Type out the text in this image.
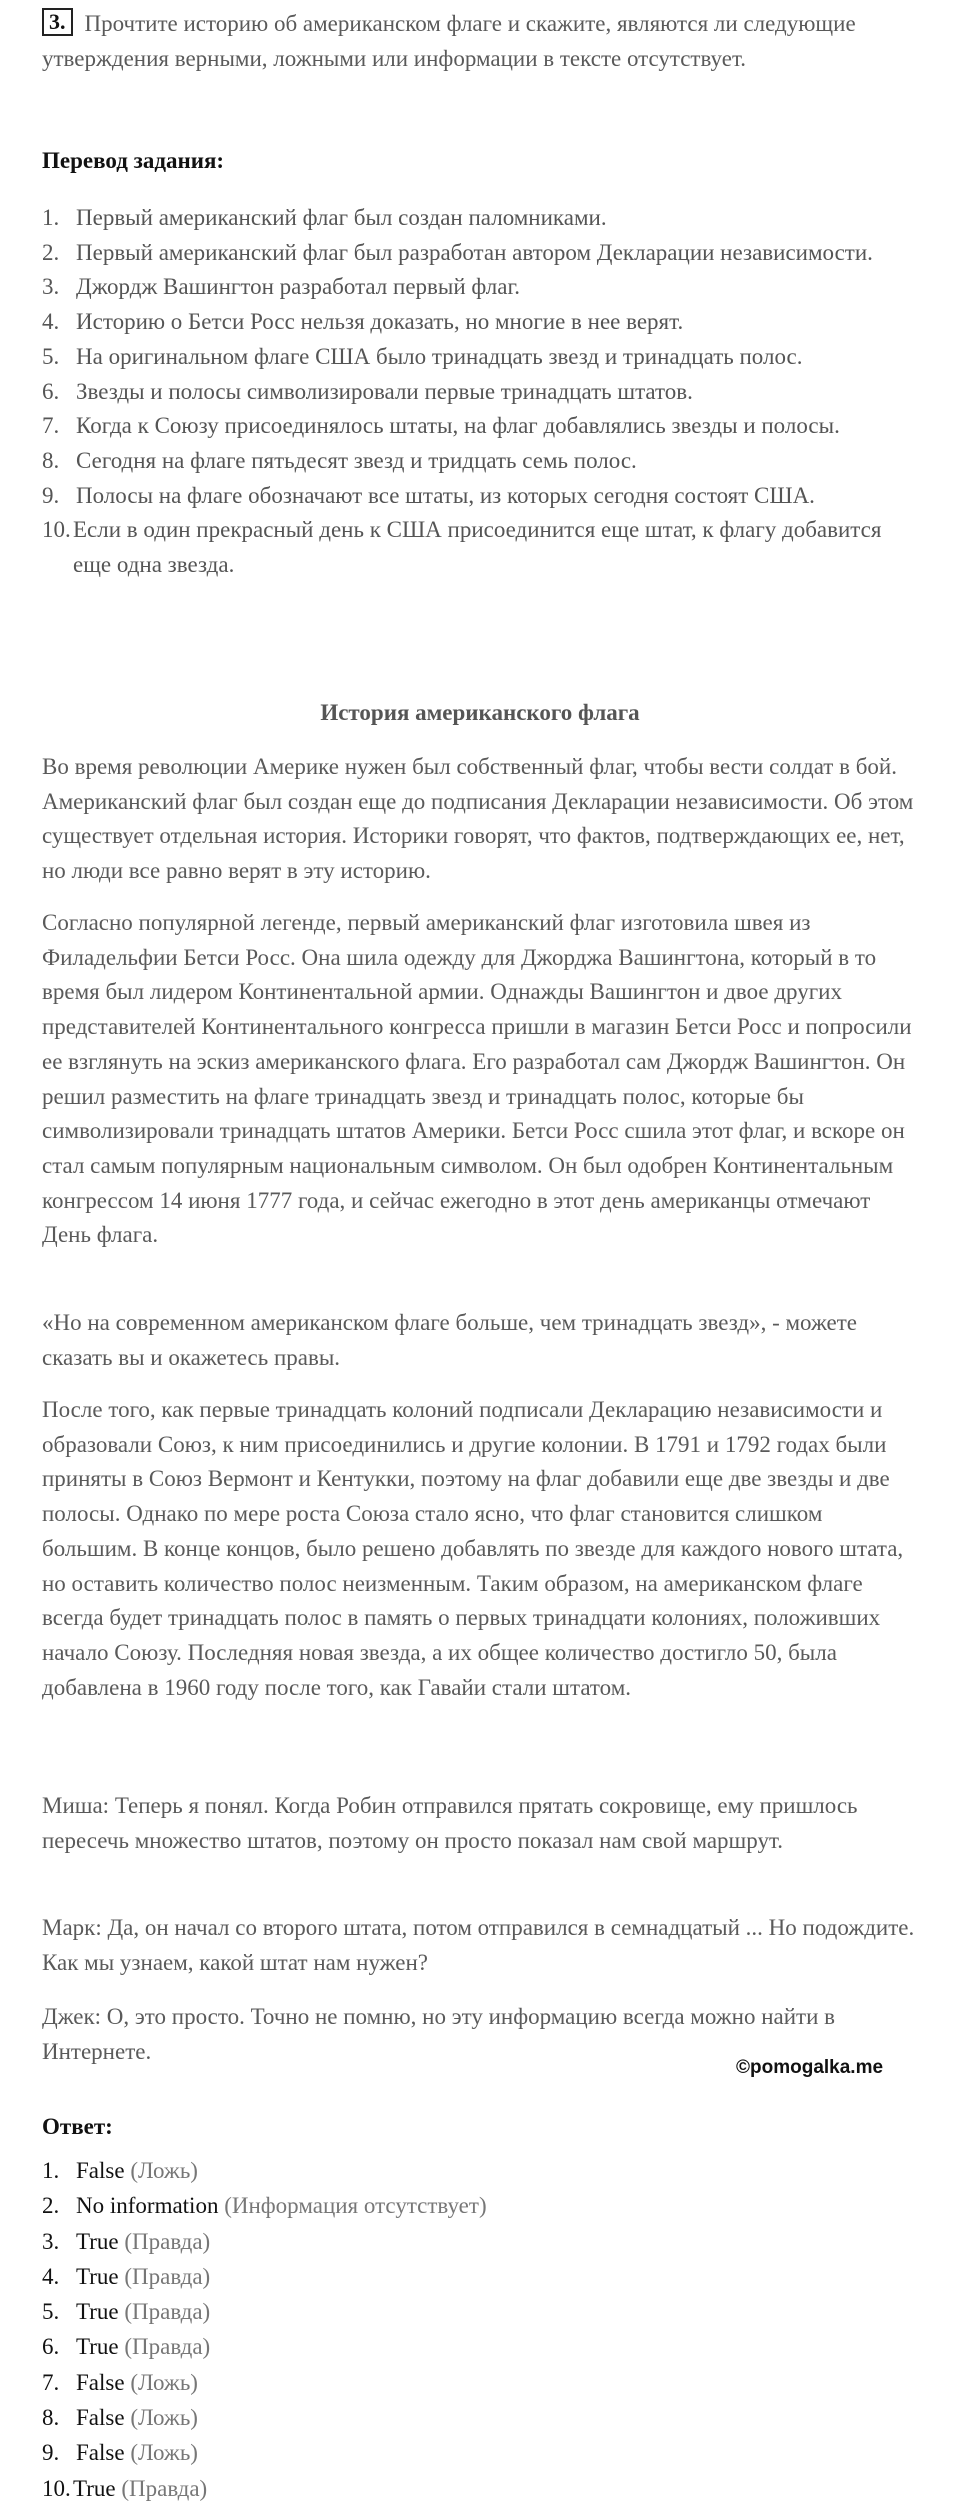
3. Прочтите историю об американском флаге и скажите, являются ли следующие утверждения верными, ложными или информации в тексте отсутствует.
Перевод задания:
1. Первый американский флаг был создан паломниками.
2. Первый американский флаг был разработан автором Декларации независимости.
3. Джордж Вашингтон разработал первый флаг.
4. Историю о Бетси Росс нельзя доказать, но многие в нее верят.
5. На оригинальном флаге США было тринадцать звезд и тринадцать полос.
6. Звезды и полосы символизировали первые тринадцать штатов.
7. Когда к Союзу присоединялось штаты, на флаг добавлялись звезды и полосы.
8. Сегодня на флаге пятьдесят звезд и тридцать семь полос.
9. Полосы на флаге обозначают все штаты, из которых сегодня состоят США.
10. Если в один прекрасный день к США присоединится еще штат, к флагу добавится еще одна звезда.
История американского флага

Во время революции Америке нужен был собственный флаг, чтобы вести солдат в бой. Американский флаг был создан еще до подписания Декларации независимости. Об этом существует отдельная история. Историки говорят, что фактов, подтверждающих ее, нет, но люди все равно верят в эту историю.

Согласно популярной легенде, первый американский флаг изготовила швея из Филадельфии Бетси Росс. Она шила одежду для Джорджа Вашингтона, который в то время был лидером Континентальной армии. Однажды Вашингтон и двое других представителей Континентального конгресса пришли в магазин Бетси Росс и попросили ее взглянуть на эскиз американского флага. Его разработал сам Джордж Вашингтон. Он решил разместить на флаге тринадцать звезд и тринадцать полос, которые бы символизировали тринадцать штатов Америки. Бетси Росс сшила этот флаг, и вскоре он стал самым популярным национальным символом. Он был одобрен Континентальным конгрессом 14 июня 1777 года, и сейчас ежегодно в этот день американцы отмечают День флага.

«Но на современном американском флаге больше, чем тринадцать звезд», - можете сказать вы и окажетесь правы.

После того, как первые тринадцать колоний подписали Декларацию независимости и образовали Союз, к ним присоединились и другие колонии. В 1791 и 1792 годах были приняты в Союз Вермонт и Кентукки, поэтому на флаг добавили еще две звезды и две полосы. Однако по мере роста Союза стало ясно, что флаг становится слишком большим. В конце концов, было решено добавлять по звезде для каждого нового штата, но оставить количество полос неизменным. Таким образом, на американском флаге всегда будет тринадцать полос в память о первых тринадцати колониях, положивших начало Союзу. Последняя новая звезда, а их общее количество достигло 50, была добавлена в 1960 году после того, как Гавайи стали штатом.

Миша: Теперь я понял. Когда Робин отправился прятать сокровище, ему пришлось пересечь множество штатов, поэтому он просто показал нам свой маршрут.

Марк: Да, он начал со второго штата, потом отправился в семнадцатый ... Но подождите. Как мы узнаем, какой штат нам нужен?

Джек: О, это просто. Точно не помню, но эту информацию всегда можно найти в Интернете.

©pomogalka.me
Ответ:
1. False (Ложь)
2. No information (Информация отсутствует)
3. True (Правда)
4. True (Правда)
5. True (Правда)
6. True (Правда)
7. False (Ложь)
8. False (Ложь)
9. False (Ложь)
10. True (Правда)
